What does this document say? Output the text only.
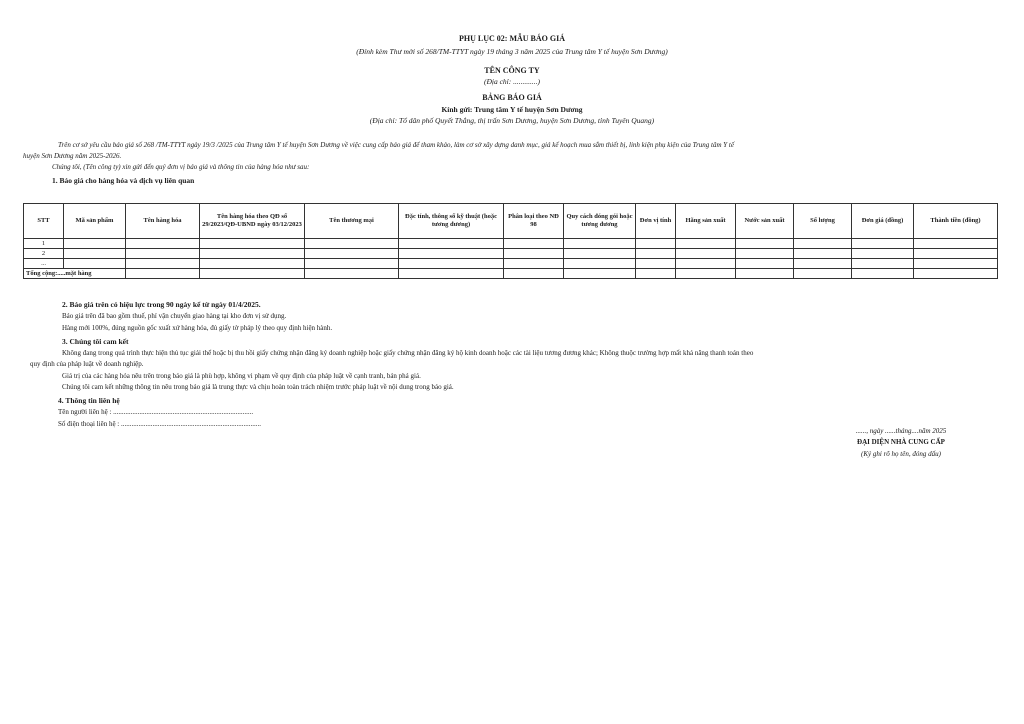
PHỤ LỤC 02: MẪU BÁO GIÁ
(Đính kèm Thư mời số 268/TM-TTYT ngày 19 tháng 3 năm 2025 của Trung tâm Y tế huyện Sơn Dương)
TÊN CÔNG TY
(Địa chỉ: .............)
BẢNG BÁO GIÁ
Kính gửi: Trung tâm Y tế huyện Sơn Dương
(Địa chỉ: Tổ dân phố Quyết Thắng, thị trấn Sơn Dương, huyện Sơn Dương, tỉnh Tuyên Quang)
Trên cơ sở yêu cầu báo giá số 268 /TM-TTYT ngày 19/3 /2025 của Trung tâm Y tế huyện Sơn Dương về việc cung cấp báo giá để tham khảo, làm cơ sở xây dựng danh mục, giá kế hoạch mua sắm thiết bị, linh kiện phụ kiện của Trung tâm Y tế
huyện Sơn Dương năm 2025-2026.
Chúng tôi, (Tên công ty) xin gửi đến quý đơn vị báo giá và thông tin của hàng hóa như sau:
1. Báo giá cho hàng hóa và dịch vụ liên quan
STT	Mã sản phẩm	Tên hàng hóa	Tên hàng hóa theo QĐ số 29/2023/QĐ-UBND ngày 03/12/2023	Tên thương mại	Đặc tính, thông số kỹ thuật (hoặc tương đương)	Phân loại theo NĐ 98	Quy cách đóng gói hoặc tương đương	Đơn vị tính	Hãng sản xuất	Nước sản xuất	Số lượng	Đơn giá (đồng)	Thành tiền (đồng)
1													
2													
...													
Tổng cộng:.....mặt hàng													
2. Báo giá trên có hiệu lực trong 90 ngày kể từ ngày 01/4/2025.
Báo giá trên đã bao gồm thuế, phí vận chuyển giao hàng tại kho đơn vị sử dụng.
Hàng mới 100%, đúng nguồn gốc xuất xứ hàng hóa, đủ giấy tờ pháp lý theo quy định hiện hành.
3. Chúng tôi cam kết
Không đang trong quá trình thực hiện thủ tục giải thể hoặc bị thu hồi giấy chứng nhận đăng ký doanh nghiệp hoặc giấy chứng nhận đăng ký hộ kinh doanh hoặc các tài liệu tương đương khác; Không thuộc trường hợp mất khả năng thanh toán theo
quy định của pháp luật về doanh nghiệp.
Giá trị của các hàng hóa nêu trên trong báo giá là phù hợp, không vi phạm về quy định của pháp luật về cạnh tranh, bán phá giá.
Chúng tôi cam kết những thông tin nêu trong báo giá là trung thực và chịu hoàn toàn trách nhiệm trước pháp luật về nội dung trong báo giá.
4. Thông tin liên hệ
Tên người liên hệ : ................................................................................
Số điện thoại liên hệ : ................................................................................
......, ngày ......tháng....năm 2025
ĐẠI DIỆN NHÀ CUNG CẤP
(Ký ghi rõ họ tên, đóng dấu)
